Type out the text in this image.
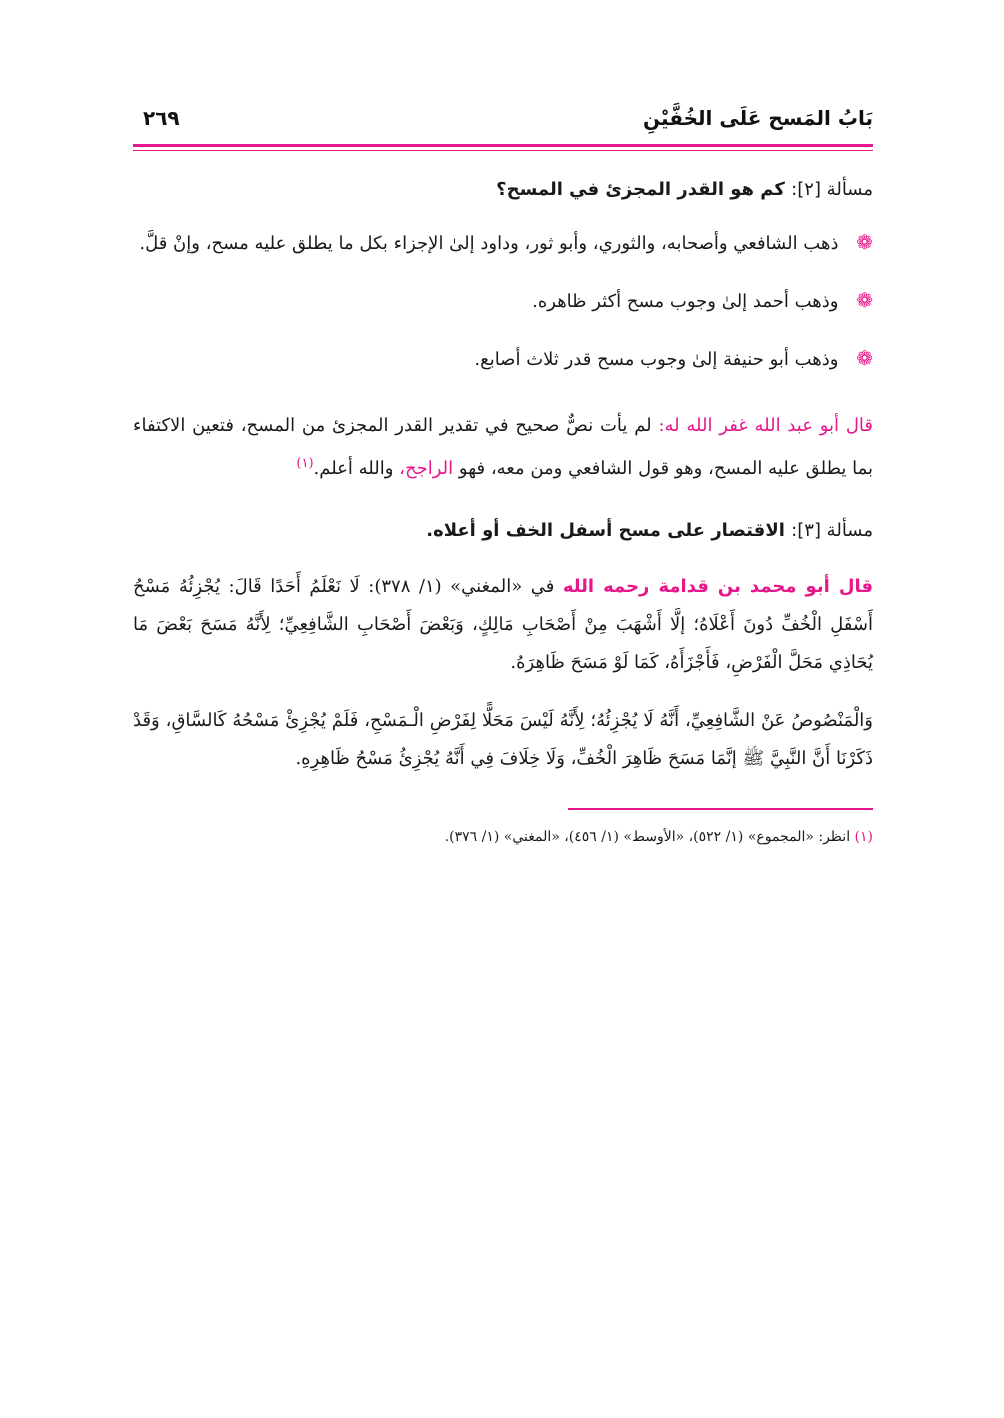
بَابُ المَسح عَلَى الخُفَّيْنِ
٢٦٩
مسألة [٢]: كم هو القدر المجزئ في المسح؟
❁ ذهب الشافعي وأصحابه، والثوري، وأبو ثور، وداود إلىٰ الإجزاء بكل ما يطلق عليه مسح، وإنْ قلَّ.
❁ وذهب أحمد إلىٰ وجوب مسح أكثر ظاهره.
❁ وذهب أبو حنيفة إلىٰ وجوب مسح قدر ثلاث أصابع.
قال أبو عبد الله غفر الله له: لم يأت نصٌّ صحيح في تقدير القدر المجزئ من المسح، فتعين الاكتفاء بما يطلق عليه المسح، وهو قول الشافعي ومن معه، فهو الراجح، والله أعلم.$^{(١)}$
مسألة [٣]: الاقتصار على مسح أسفل الخف أو أعلاه.
قال أبو محمد بن قدامة رحمه الله في «المغني» (١/ ٣٧٨): لَا نَعْلَمُ أَحَدًا قَالَ: يُجْزِئُهُ مَسْحُ أَسْفَلِ الْخُفِّ دُونَ أَعْلَاهُ؛ إلَّا أَشْهَبَ مِنْ أَصْحَابِ مَالِكٍ، وَبَعْضَ أَصْحَابِ الشَّافِعِيِّ؛ لِأَنَّهُ مَسَحَ بَعْضَ مَا يُحَاذِي مَحَلَّ الْفَرْضِ، فَأَجْزَأَهُ، كَمَا لَوْ مَسَحَ ظَاهِرَهُ.
وَالْمَنْصُوصُ عَنْ الشَّافِعِيِّ، أَنَّهُ لَا يُجْزِئُهُ؛ لِأَنَّهُ لَيْسَ مَحَلًّا لِفَرْضِ الْـمَسْحِ، فَلَمْ يُجْزِئْ مَسْحُهُ كَالسَّاقِ، وَقَدْ ذَكَرْنَا أَنَّ النَّبِيَّ ﷺ إنَّمَا مَسَحَ ظَاهِرَ الْخُفِّ، وَلَا خِلَافَ فِي أَنَّهُ يُجْزِئُ مَسْحُ ظَاهِرِهِ.
(١) انظر: «المجموع» (١/ ٥٢٢)، «الأوسط» (١/ ٤٥٦)، «المغني» (١/ ٣٧٦).
